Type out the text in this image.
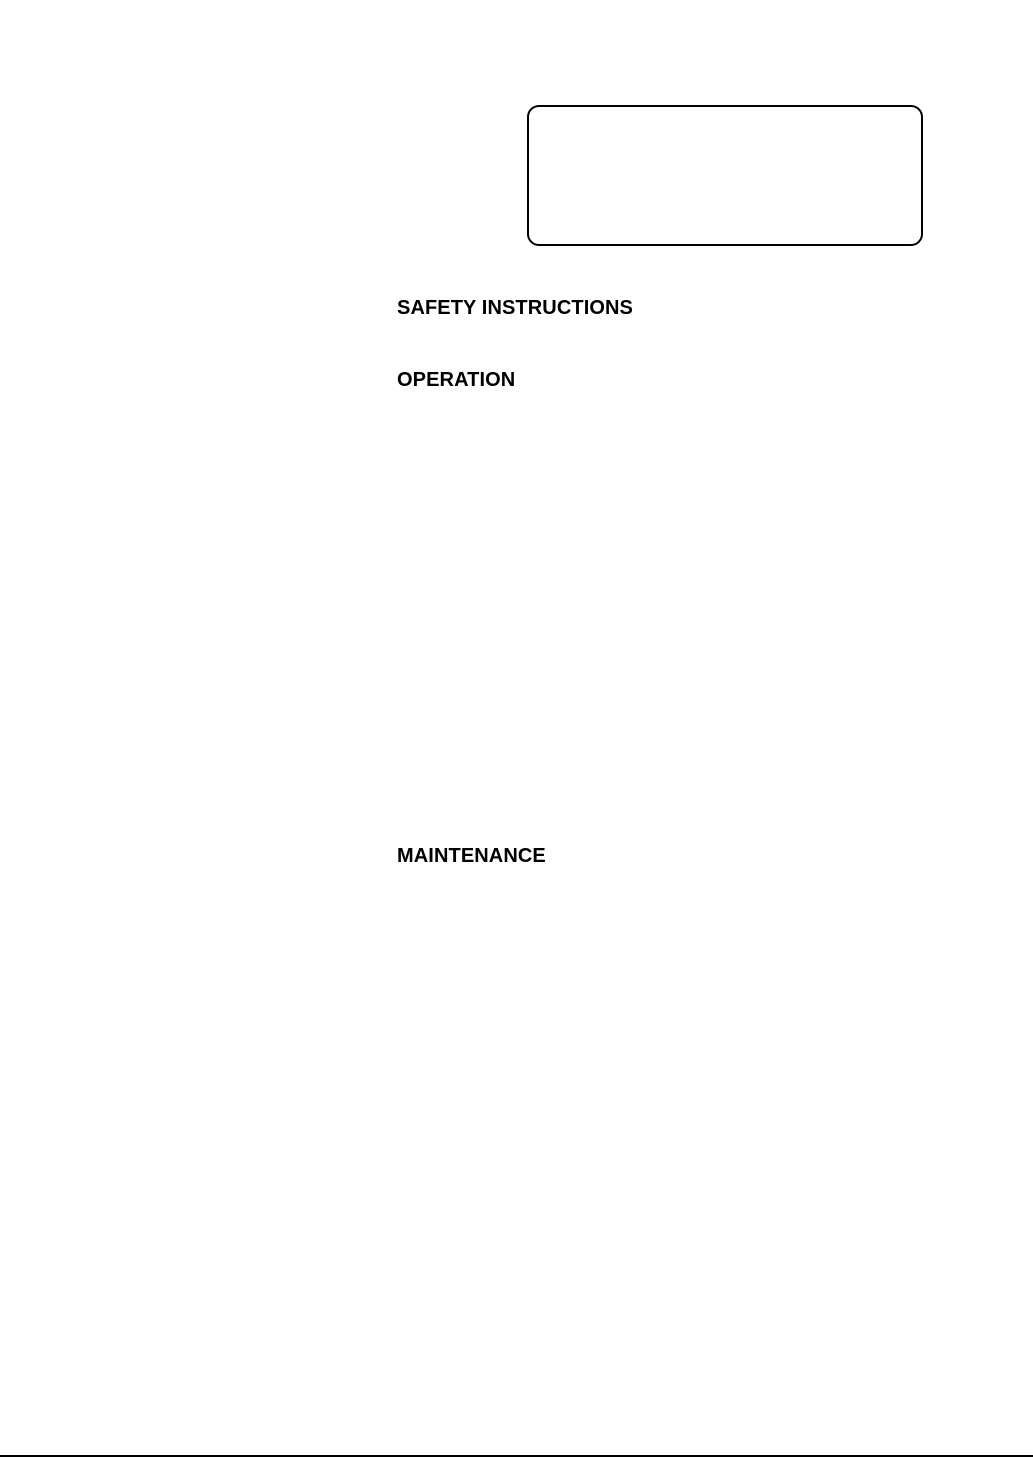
SAFETY INSTRUCTIONS
OPERATION
MAINTENANCE
